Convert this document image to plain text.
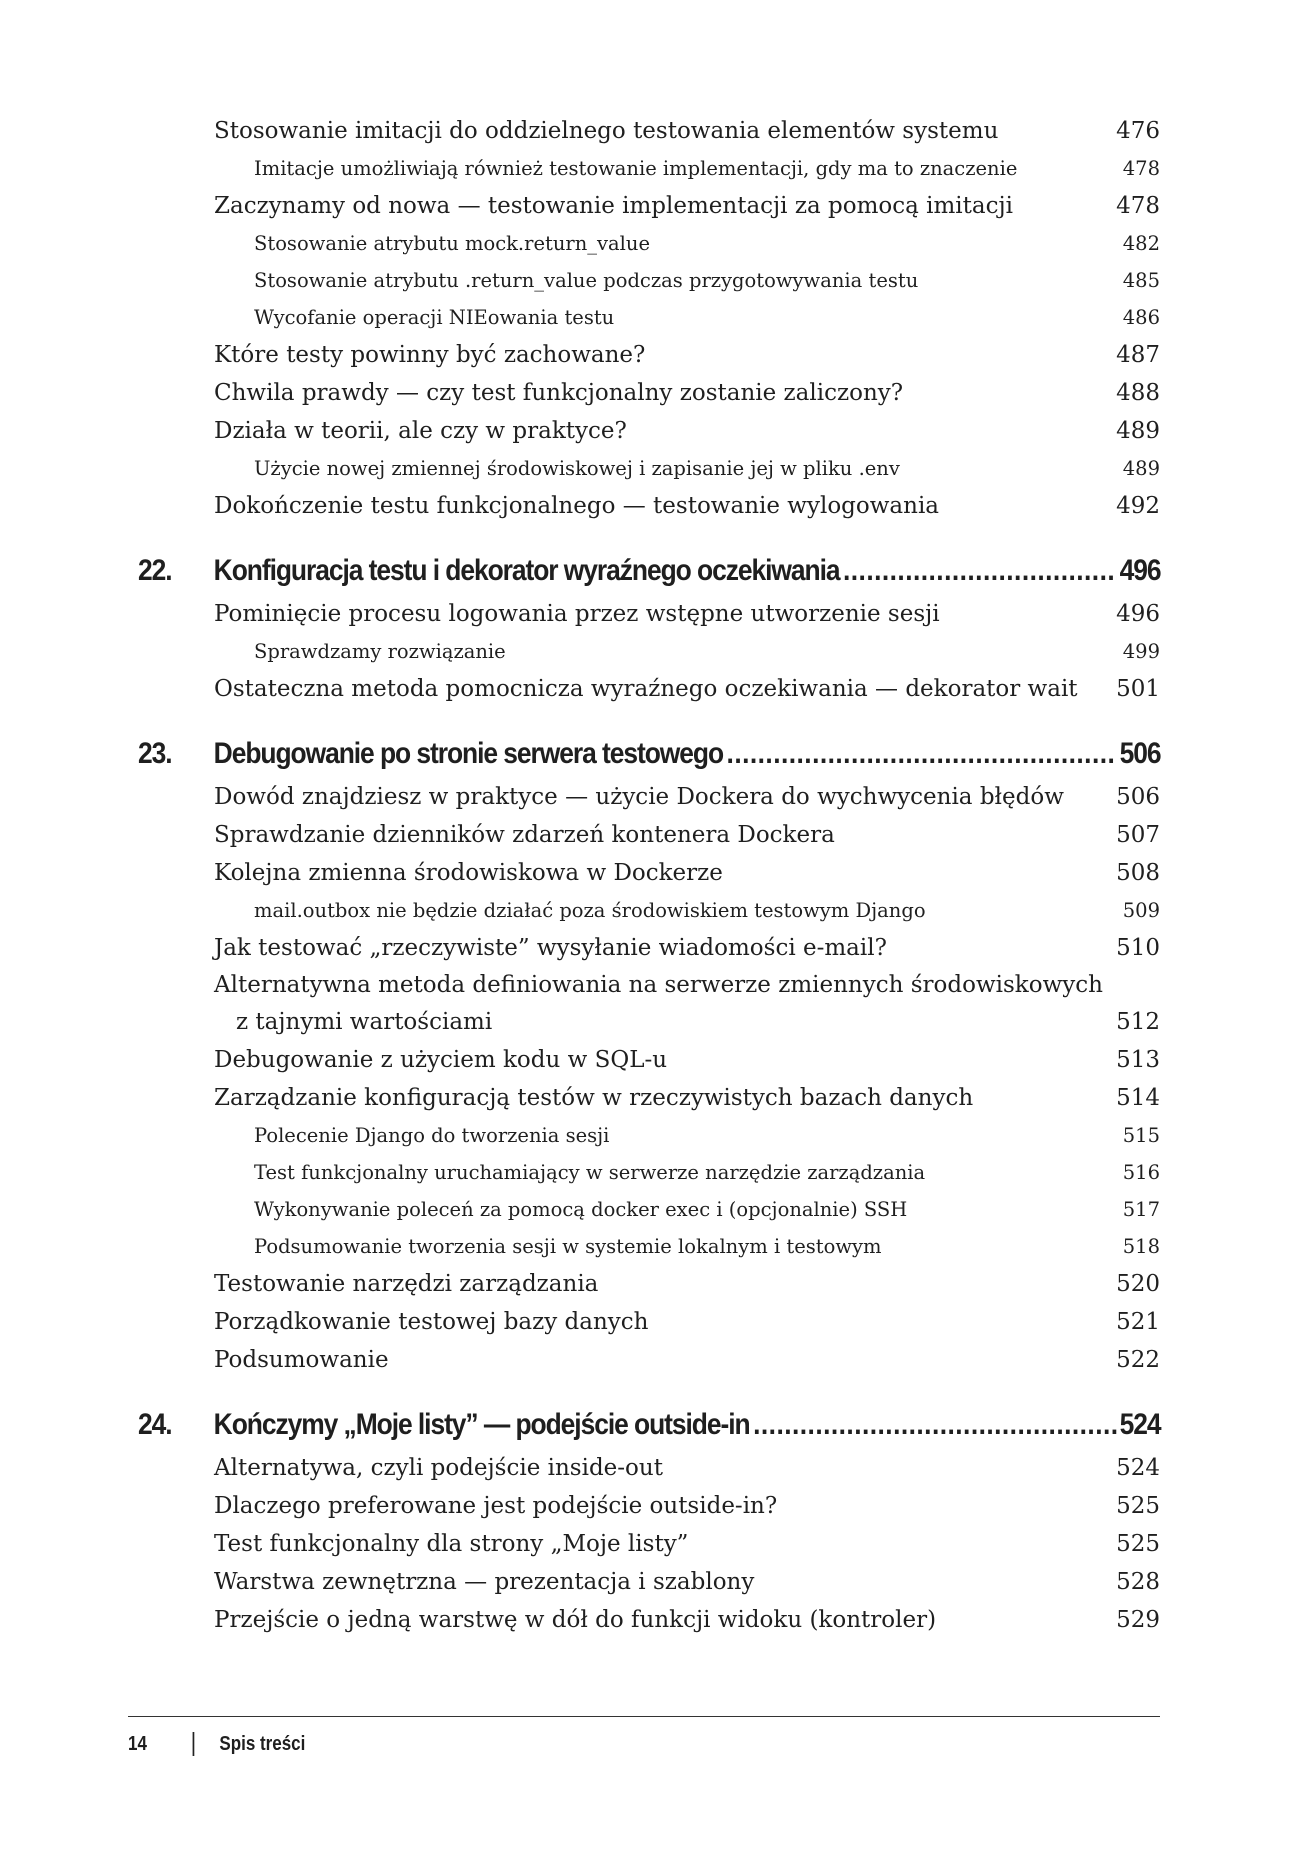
Stosowanie imitacji do oddzielnego testowania elementów systemu	476
Imitacje umożliwiają również testowanie implementacji, gdy ma to znaczenie	478
Zaczynamy od nowa — testowanie implementacji za pomocą imitacji	478
Stosowanie atrybutu mock.return_value	482
Stosowanie atrybutu .return_value podczas przygotowywania testu	485
Wycofanie operacji NIEowania testu	486
Które testy powinny być zachowane?	487
Chwila prawdy — czy test funkcjonalny zostanie zaliczony?	488
Działa w teorii, ale czy w praktyce?	489
Użycie nowej zmiennej środowiskowej i zapisanie jej w pliku .env	489
Dokończenie testu funkcjonalnego — testowanie wylogowania	492
22.	Konfiguracja testu i dekorator wyraźnego oczekiwania .....	496
Pominięcie procesu logowania przez wstępne utworzenie sesji	496
Sprawdzamy rozwiązanie	499
Ostateczna metoda pomocnicza wyraźnego oczekiwania — dekorator wait 501
23.	Debugowanie po stronie serwera testowego .....	506
Dowód znajdziesz w praktyce — użycie Dockera do wychwycenia błędów 506
Sprawdzanie dzienników zdarzeń kontenera Dockera	507
Kolejna zmienna środowiskowa w Dockerze	508
mail.outbox nie będzie działać poza środowiskiem testowym Django	509
Jak testować „rzeczywiste” wysyłanie wiadomości e-mail?	510
Alternatywna metoda definiowania na serwerze zmiennych środowiskowych
z tajnymi wartościami	512
Debugowanie z użyciem kodu w SQL-u	513
Zarządzanie konfiguracją testów w rzeczywistych bazach danych	514
Polecenie Django do tworzenia sesji	515
Test funkcjonalny uruchamiający w serwerze narzędzie zarządzania	516
Wykonywanie poleceń za pomocą docker exec i (opcjonalnie) SSH	517
Podsumowanie tworzenia sesji w systemie lokalnym i testowym	518
Testowanie narzędzi zarządzania	520
Porządkowanie testowej bazy danych	521
Podsumowanie	522
24.	Kończymy „Moje listy” — podejście outside-in .....	524
Alternatywa, czyli podejście inside-out	524
Dlaczego preferowane jest podejście outside-in?	525
Test funkcjonalny dla strony „Moje listy”	525
Warstwa zewnętrzna — prezentacja i szablony	528
Przejście o jedną warstwę w dół do funkcji widoku (kontroler)	529
14	Spis treści
